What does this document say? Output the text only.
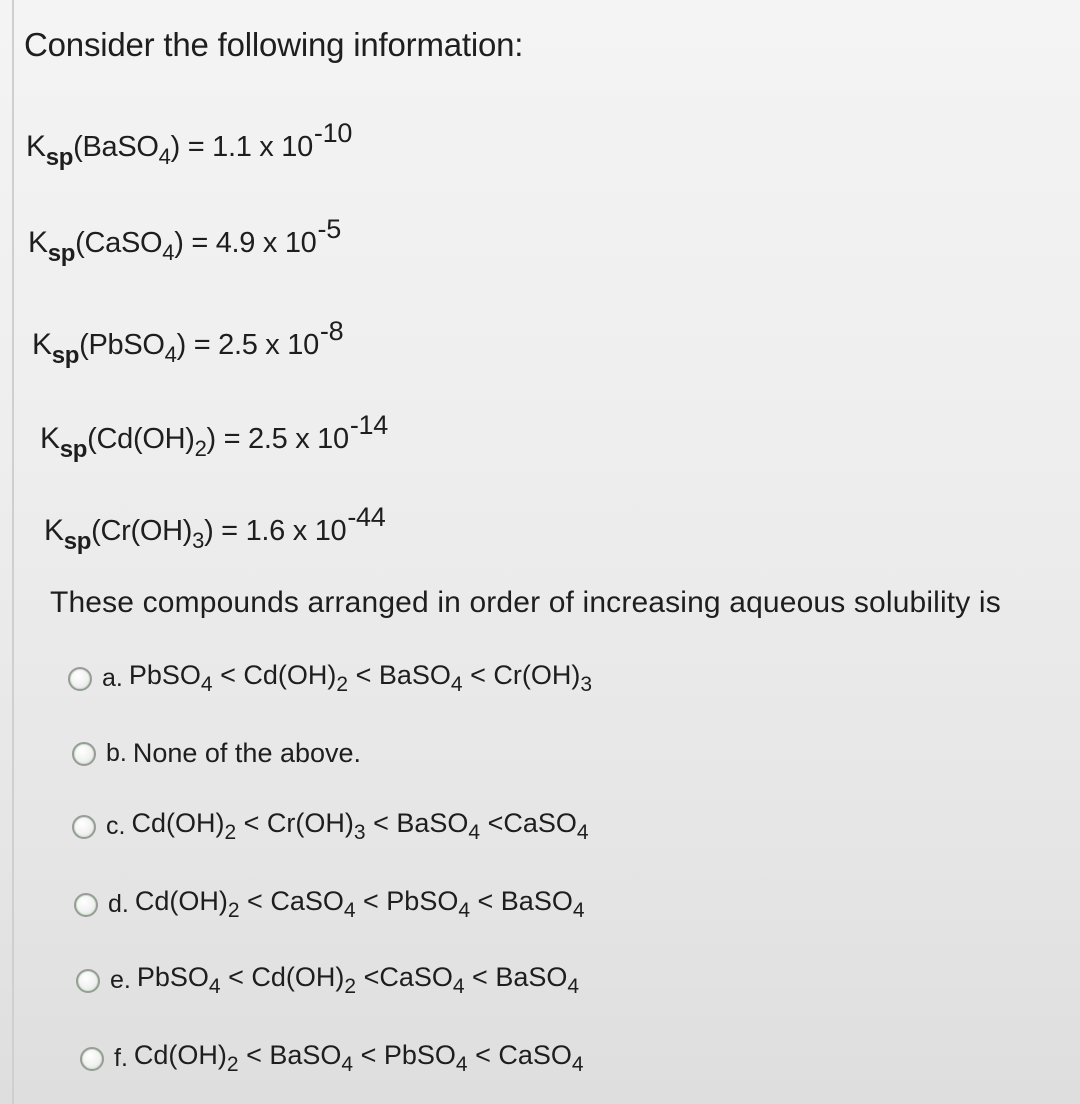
Consider the following information:
$K_{sp}(BaSO_4) = 1.1$ x 10-10
$K_{sp}(CaSO_4) = 4.9$ x 10-5
$K_{sp}(PbSO_4) = 2.5$ x 10-8
$K_{sp}(Cd(OH)_2) = 2.5$ x 10-14
$K_{sp}(Cr(OH)_3) = 1.6$ x 10-44
These compounds arranged in order of increasing aqueous solubility is
a. PbSO$_4$ < $Cd(OH)_2$ < BaSO$_4$ < $Cr(OH)_3$
b. None of the above.
c. $Cd(OH)_2 < Cr(OH)_3$ < BaSO$_4$ <CaSO$_4$
d. $Cd(OH)_2$ < CaSO$_4$ < PbSO$_4$ < BaSO$_4$
e. PbSO$_4$ < $Cd(OH)_2$ <CaSO$_4$ < BaSO$_4$
f. $Cd(OH)_2$ < BaSO$_4$ < PbSO$_4$ < CaSO$_4$
